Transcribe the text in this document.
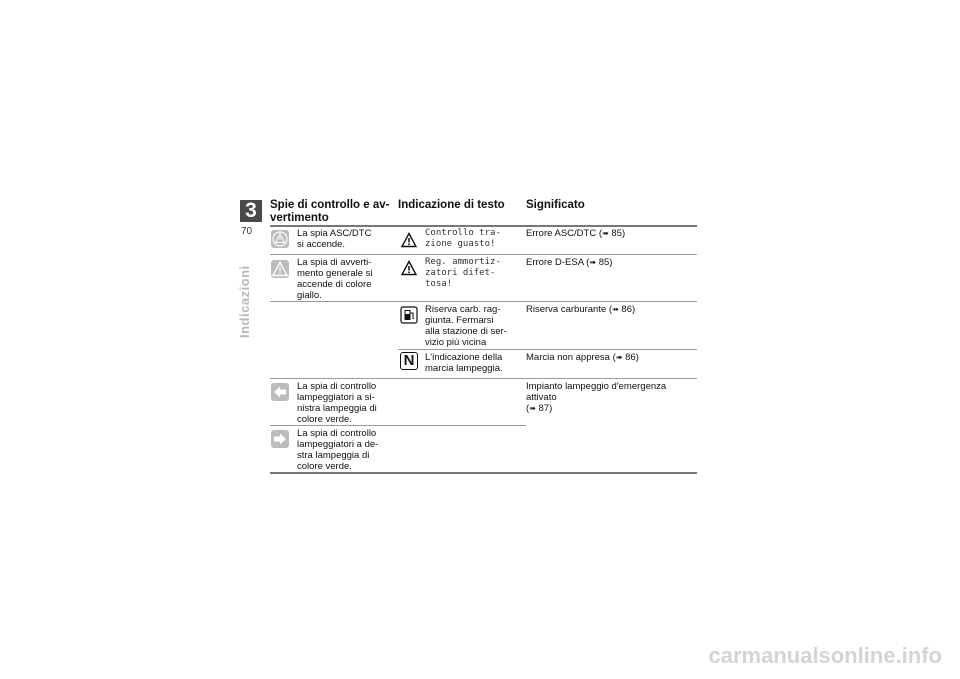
3
70
Indicazioni
Spie di controllo e av-
vertimento
Indicazione di testo Significato
La spia ASC/DTC
si accende.
Controllo tra-
zione guasto!
Errore ASC/DTC (➠ 85)
La spia di avverti-
mento generale si
accende di colore
giallo.
Reg. ammortiz-
zatori difet-
tosa!
Errore D-ESA (➠ 85)
Riserva carb. rag-
giunta. Fermarsi
alla stazione di ser-
vizio più vicina
Riserva carburante (➠ 86)
N	L'indicazione della
marcia lampeggia.
Marcia non appresa (➠ 86)
La spia di controllo
lampeggiatori a si-
nistra lampeggia di
colore verde.
Impianto lampeggio d'emergenza attivato
(➠ 87)
La spia di controllo
lampeggiatori a de-
stra lampeggia di
colore verde.
carmanualsonline.info
